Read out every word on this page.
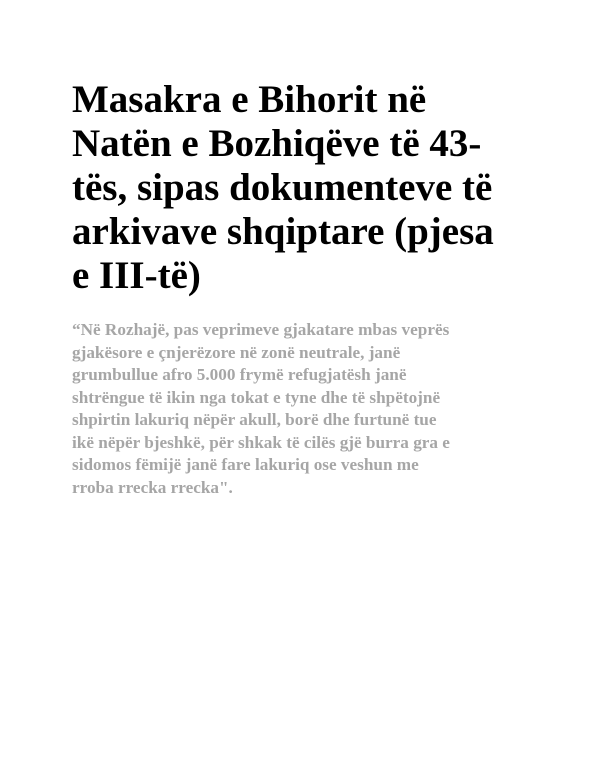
Masakra e Bihorit në
Natën e Bozhiqëve të 43-
tës, sipas dokumenteve të
arkivave shqiptare (pjesa
e III-të)

“Në Rozhajë, pas veprimeve gjakatare mbas veprës
gjakësore e çnjerëzore në zonë neutrale, janë
grumbullue afro 5.000 frymë refugjatësh janë
shtrëngue të ikin nga tokat e tyne dhe të shpëtojnë
shpirtin lakuriq nëpër akull, borë dhe furtunë tue
ikë nëpër bjeshkë, për shkak të cilës gjë burra gra e
sidomos fëmijë janë fare lakuriq ose veshun me
rroba rrecka rrecka".
